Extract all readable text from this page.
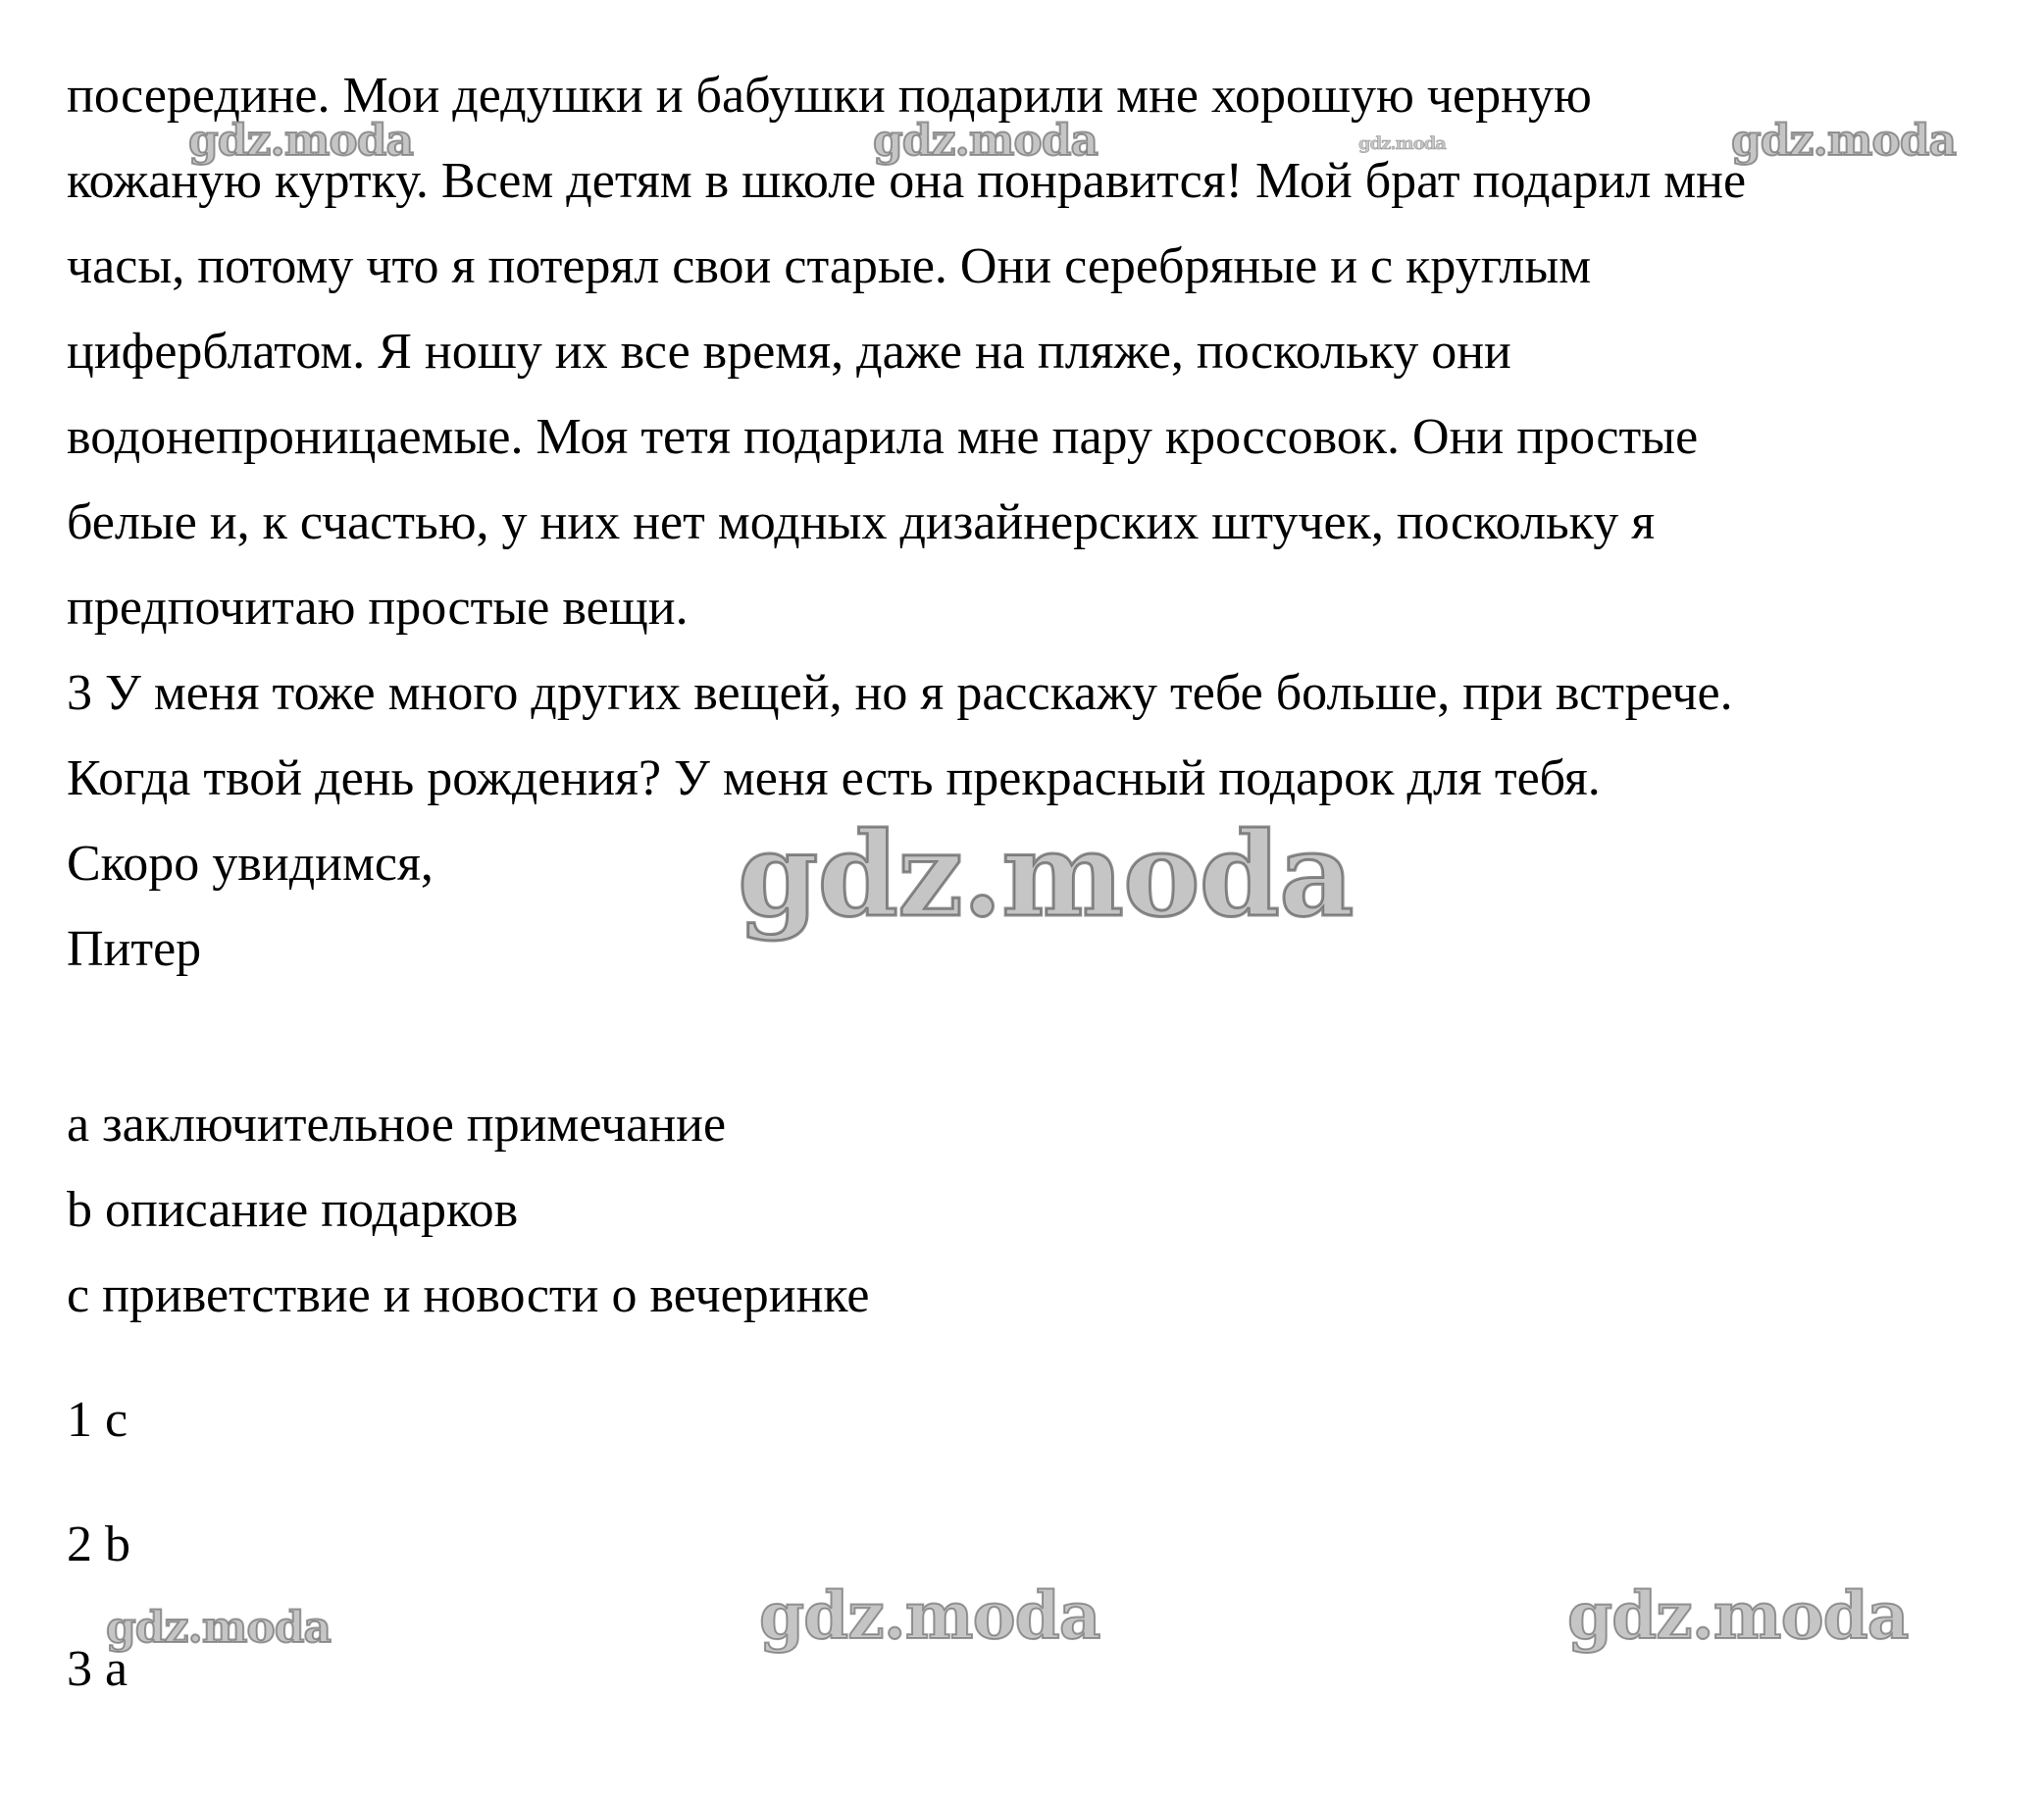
посередине. Мои дедушки и бабушки подарили мне хорошую черную
кожаную куртку. Всем детям в школе она понравится! Мой брат подарил мне
часы, потому что я потерял свои старые. Они серебряные и с круглым
циферблатом. Я ношу их все время, даже на пляже, поскольку они
водонепроницаемые. Моя тетя подарила мне пару кроссовок. Они простые
белые и, к счастью, у них нет модных дизайнерских штучек, поскольку я
предпочитаю простые вещи.
3 У меня тоже много других вещей, но я расскажу тебе больше, при встрече.
Когда твой день рождения? У меня есть прекрасный подарок для тебя.
Скоро увидимся,
Питер
a заключительное примечание
b описание подарков
c приветствие и новости о вечеринке
1 c
2 b
3 a
gdz.moda	gdz.moda	gdz.moda	gdz.moda
gdz.moda
gdz.moda	gdz.moda	gdz.moda
